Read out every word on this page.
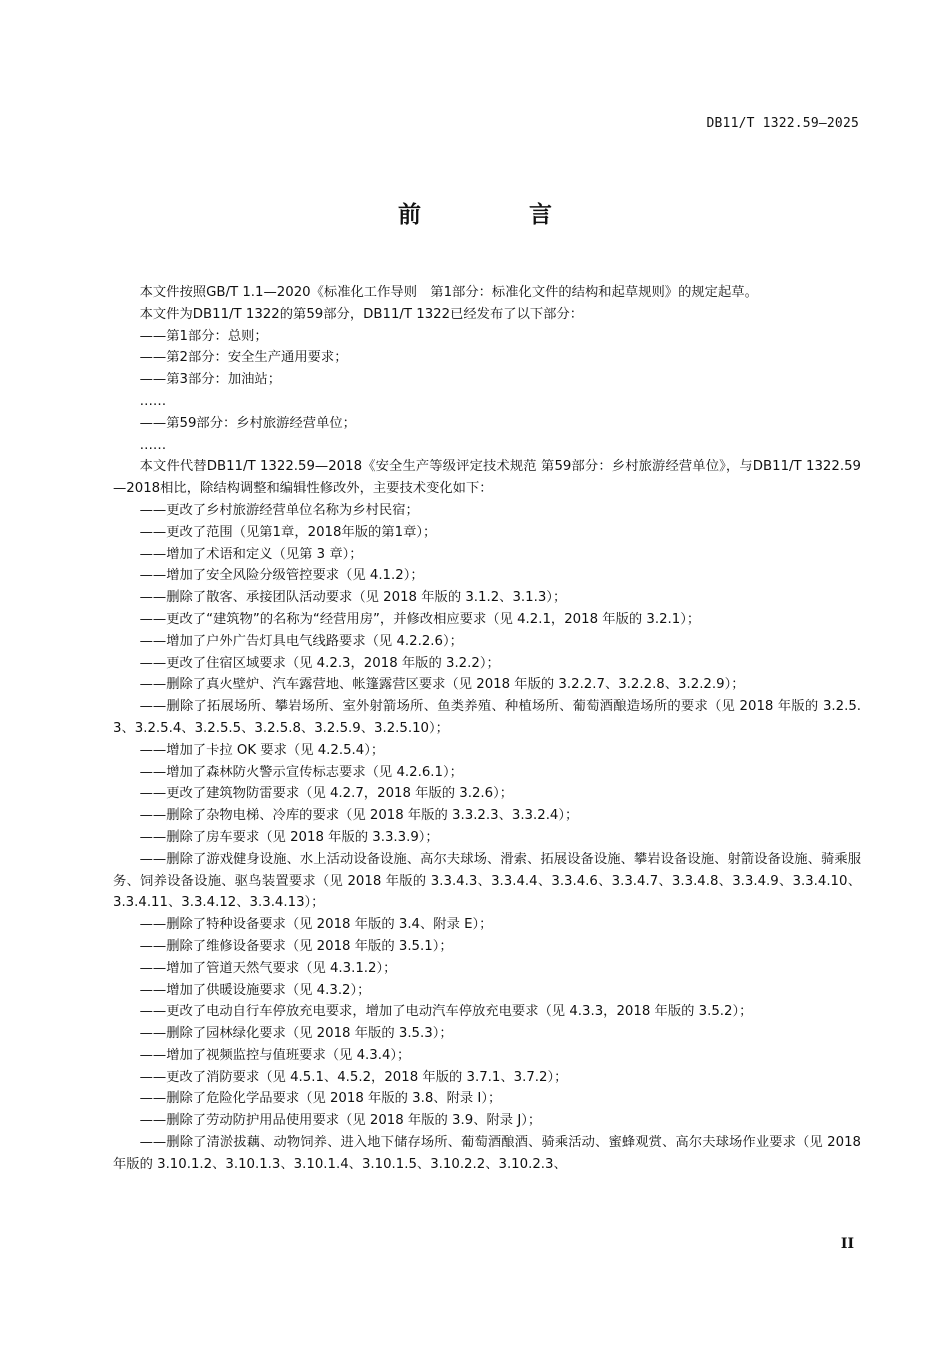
DB11/T 1322.59—2025
前 言

本文件按照GB/T 1.1—2020《标准化工作导则　第1部分：标准化文件的结构和起草规则》的规定起草。

本文件为DB11/T 1322的第59部分，DB11/T 1322已经发布了以下部分：

——第1部分：总则；

——第2部分：安全生产通用要求；

——第3部分：加油站；

……

——第59部分：乡村旅游经营单位；

……

本文件代替DB11/T 1322.59—2018《安全生产等级评定技术规范 第59部分：乡村旅游经营单位》，与DB11/T 1322.59—2018相比，除结构调整和编辑性修改外，主要技术变化如下：

——更改了乡村旅游经营单位名称为乡村民宿；

——更改了范围（见第1章，2018年版的第1章）；

——增加了术语和定义（见第 3 章）；

——增加了安全风险分级管控要求（见 4.1.2）；

——删除了散客、承接团队活动要求（见 2018 年版的 3.1.2、3.1.3）；

——更改了“建筑物”的名称为“经营用房”，并修改相应要求（见 4.2.1，2018 年版的 3.2.1）；

——增加了户外广告灯具电气线路要求（见 4.2.2.6）；

——更改了住宿区域要求（见 4.2.3，2018 年版的 3.2.2）；

——删除了真火壁炉、汽车露营地、帐篷露营区要求（见 2018 年版的 3.2.2.7、3.2.2.8、3.2.2.9）；

——删除了拓展场所、攀岩场所、室外射箭场所、鱼类养殖、种植场所、葡萄酒酿造场所的要求（见 2018 年版的 3.2.5.3、3.2.5.4、3.2.5.5、3.2.5.8、3.2.5.9、3.2.5.10）；

——增加了卡拉 OK 要求（见 4.2.5.4）；

——增加了森林防火警示宣传标志要求（见 4.2.6.1）；

——更改了建筑物防雷要求（见 4.2.7，2018 年版的 3.2.6）；

——删除了杂物电梯、冷库的要求（见 2018 年版的 3.3.2.3、3.3.2.4）；

——删除了房车要求（见 2018 年版的 3.3.3.9）；

——删除了游戏健身设施、水上活动设备设施、高尔夫球场、滑索、拓展设备设施、攀岩设备设施、射箭设备设施、骑乘服务、饲养设备设施、驱鸟装置要求（见 2018 年版的 3.3.4.3、3.3.4.4、3.3.4.6、3.3.4.7、3.3.4.8、3.3.4.9、3.3.4.10、3.3.4.11、3.3.4.12、3.3.4.13）；

——删除了特种设备要求（见 2018 年版的 3.4、附录 E）；

——删除了维修设备要求（见 2018 年版的 3.5.1）；

——增加了管道天然气要求（见 4.3.1.2）；

——增加了供暖设施要求（见 4.3.2）；

——更改了电动自行车停放充电要求，增加了电动汽车停放充电要求（见 4.3.3，2018 年版的 3.5.2）；

——删除了园林绿化要求（见 2018 年版的 3.5.3）；

——增加了视频监控与值班要求（见 4.3.4）；

——更改了消防要求（见 4.5.1、4.5.2，2018 年版的 3.7.1、3.7.2）；

——删除了危险化学品要求（见 2018 年版的 3.8、附录 I）；

——删除了劳动防护用品使用要求（见 2018 年版的 3.9、附录 J）；

——删除了清淤拔藕、动物饲养、进入地下储存场所、葡萄酒酿酒、骑乘活动、蜜蜂观赏、高尔夫球场作业要求（见 2018 年版的 3.10.1.2、3.10.1.3、3.10.1.4、3.10.1.5、3.10.2.2、3.10.2.3、

II
